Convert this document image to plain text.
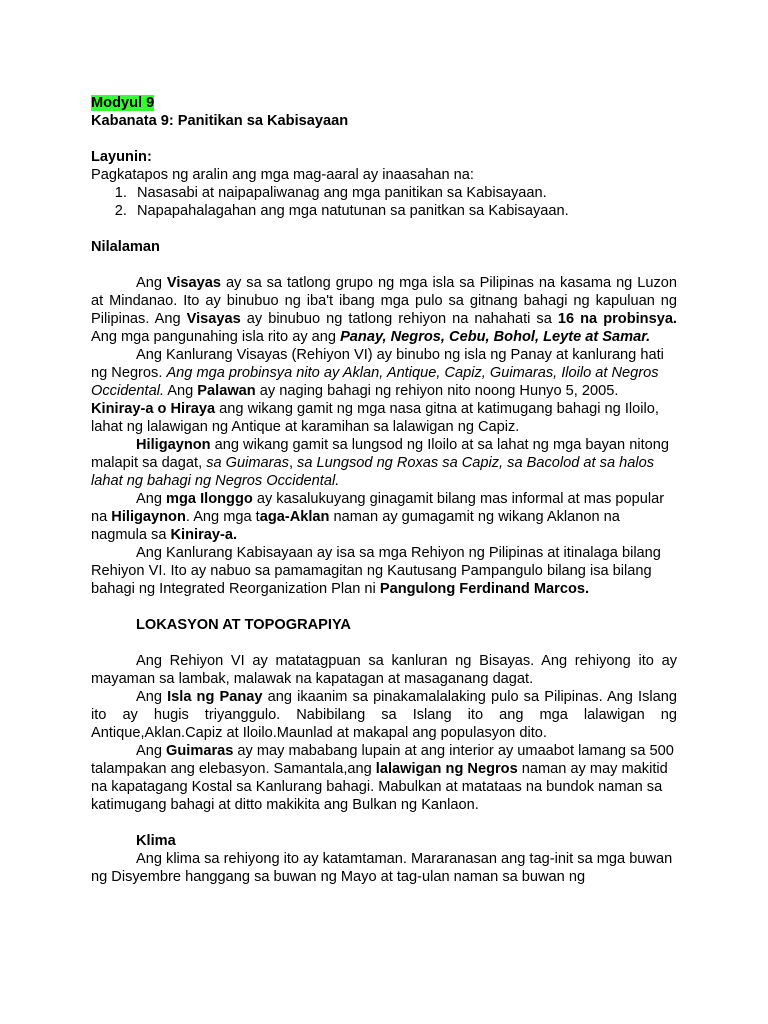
Modyul 9

Kabanata 9: Panitikan sa Kabisayaan

Layunin:

Pagkatapos ng aralin ang mga mag-aaral ay inaasahan na:

1. Nasasabi at naipapaliwanag ang mga panitikan sa Kabisayaan.
2. Napapahalagahan ang mga natutunan sa panitkan sa Kabisayaan.

Nilalaman

Ang Visayas ay sa sa tatlong grupo ng mga isla sa Pilipinas na kasama ng Luzon at Mindanao. Ito ay binubuo ng iba't ibang mga pulo sa gitnang bahagi ng kapuluan ng Pilipinas. Ang Visayas ay binubuo ng tatlong rehiyon na nahahati sa 16 na probinsya. Ang mga pangunahing isla rito ay ang Panay, Negros, Cebu, Bohol, Leyte at Samar.

Ang Kanlurang Visayas (Rehiyon VI) ay binubo ng isla ng Panay at kanlurang hati ng Negros. Ang mga probinsya nito ay Aklan, Antique, Capiz, Guimaras, Iloilo at Negros Occidental. Ang Palawan ay naging bahagi ng rehiyon nito noong Hunyo 5, 2005.

Kiniray-a o Hiraya ang wikang gamit ng mga nasa gitna at katimugang bahagi ng Iloilo, lahat ng lalawigan ng Antique at karamihan sa lalawigan ng Capiz.

Hiligaynon ang wikang gamit sa lungsod ng Iloilo at sa lahat ng mga bayan nitong malapit sa dagat, sa Guimaras, sa Lungsod ng Roxas sa Capiz, sa Bacolod at sa halos lahat ng bahagi ng Negros Occidental.

Ang mga Ilonggo ay kasalukuyang ginagamit bilang mas informal at mas popular na Hiligaynon. Ang mga taga-Aklan naman ay gumagamit ng wikang Aklanon na nagmula sa Kiniray-a.

Ang Kanlurang Kabisayaan ay isa sa mga Rehiyon ng Pilipinas at itinalaga bilang Rehiyon VI. Ito ay nabuo sa pamamagitan ng Kautusang Pampangulo bilang isa bilang bahagi ng Integrated Reorganization Plan ni Pangulong Ferdinand Marcos.

LOKASYON AT TOPOGRAPIYA

Ang Rehiyon VI ay matatagpuan sa kanluran ng Bisayas. Ang rehiyong ito ay mayaman sa lambak, malawak na kapatagan at masaganang dagat.

Ang Isla ng Panay ang ikaanim sa pinakamalalaking pulo sa Pilipinas. Ang Islang ito ay hugis triyanggulo. Nabibilang sa Islang ito ang mga lalawigan ng Antique,Aklan.Capiz at Iloilo.Maunlad at makapal ang populasyon dito.

Ang Guimaras ay may mababang lupain at ang interior ay umaabot lamang sa 500 talampakan ang elebasyon. Samantala,ang lalawigan ng Negros naman ay may makitid na kapatagang Kostal sa Kanlurang bahagi. Mabulkan at matataas na bundok naman sa katimugang bahagi at ditto makikita ang Bulkan ng Kanlaon.

Klima

Ang klima sa rehiyong ito ay katamtaman. Mararanasan ang tag-init sa mga buwan ng Disyembre hanggang sa buwan ng Mayo at tag-ulan naman sa buwan ng
